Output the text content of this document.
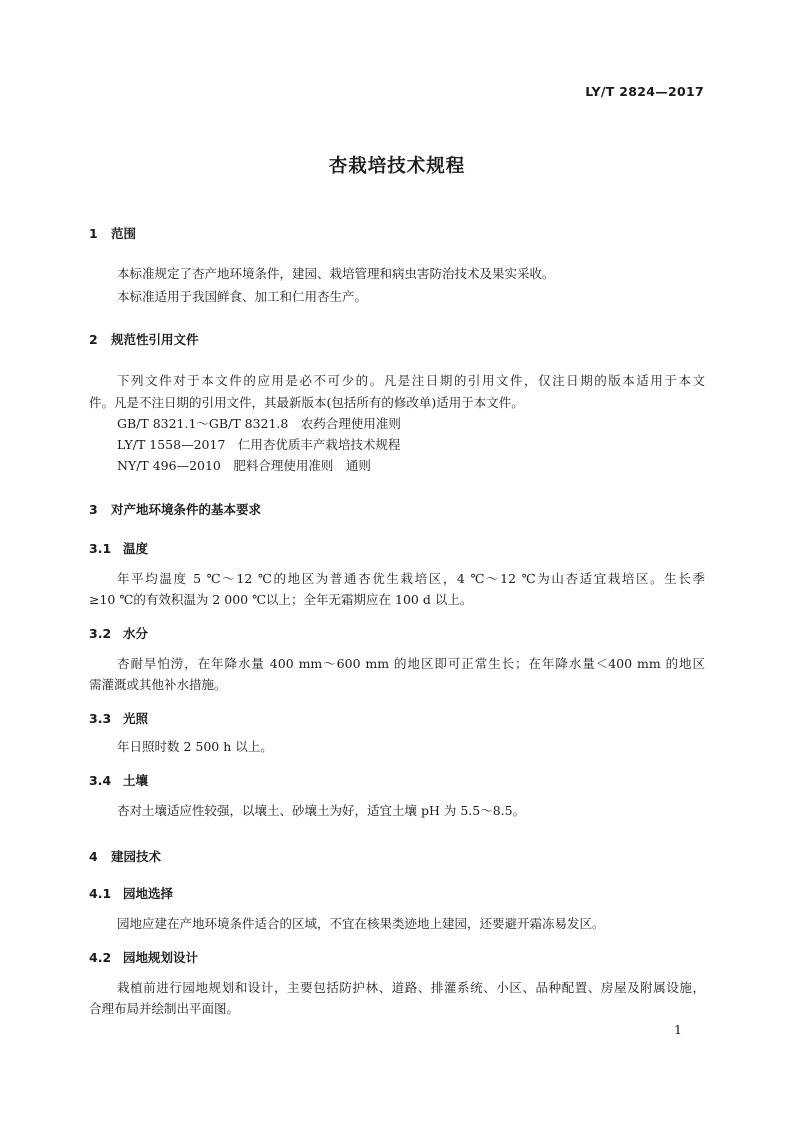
LY/T 2824—2017
杏栽培技术规程
1 范围
本标准规定了杏产地环境条件，建园、栽培管理和病虫害防治技术及果实采收。
本标准适用于我国鲜食、加工和仁用杏生产。
2 规范性引用文件
下列文件对于本文件的应用是必不可少的。凡是注日期的引用文件，仅注日期的版本适用于本文
件。凡是不注日期的引用文件，其最新版本(包括所有的修改单)适用于本文件。
GB/T 8321.1～GB/T 8321.8　农药合理使用准则
LY/T 1558—2017　仁用杏优质丰产栽培技术规程
NY/T 496—2010　肥料合理使用准则　通则
3 对产地环境条件的基本要求
3.1 温度
年平均温度 5 ℃～12 ℃的地区为普通杏优生栽培区，4 ℃～12 ℃为山杏适宜栽培区。生长季
≥10 ℃的有效积温为 2 000 ℃以上；全年无霜期应在 100 d 以上。
3.2 水分
杏耐旱怕涝，在年降水量 400 mm～600 mm 的地区即可正常生长；在年降水量＜400 mm 的地区
需灌溉或其他补水措施。
3.3 光照
年日照时数 2 500 h 以上。
3.4 土壤
杏对土壤适应性较强，以壤土、砂壤土为好，适宜土壤 pH 为 5.5～8.5。
4 建园技术
4.1 园地选择
园地应建在产地环境条件适合的区域，不宜在核果类迹地上建园，还要避开霜冻易发区。
4.2 园地规划设计
栽植前进行园地规划和设计，主要包括防护林、道路、排灌系统、小区、品种配置、房屋及附属设施，
合理布局并绘制出平面图。
1
